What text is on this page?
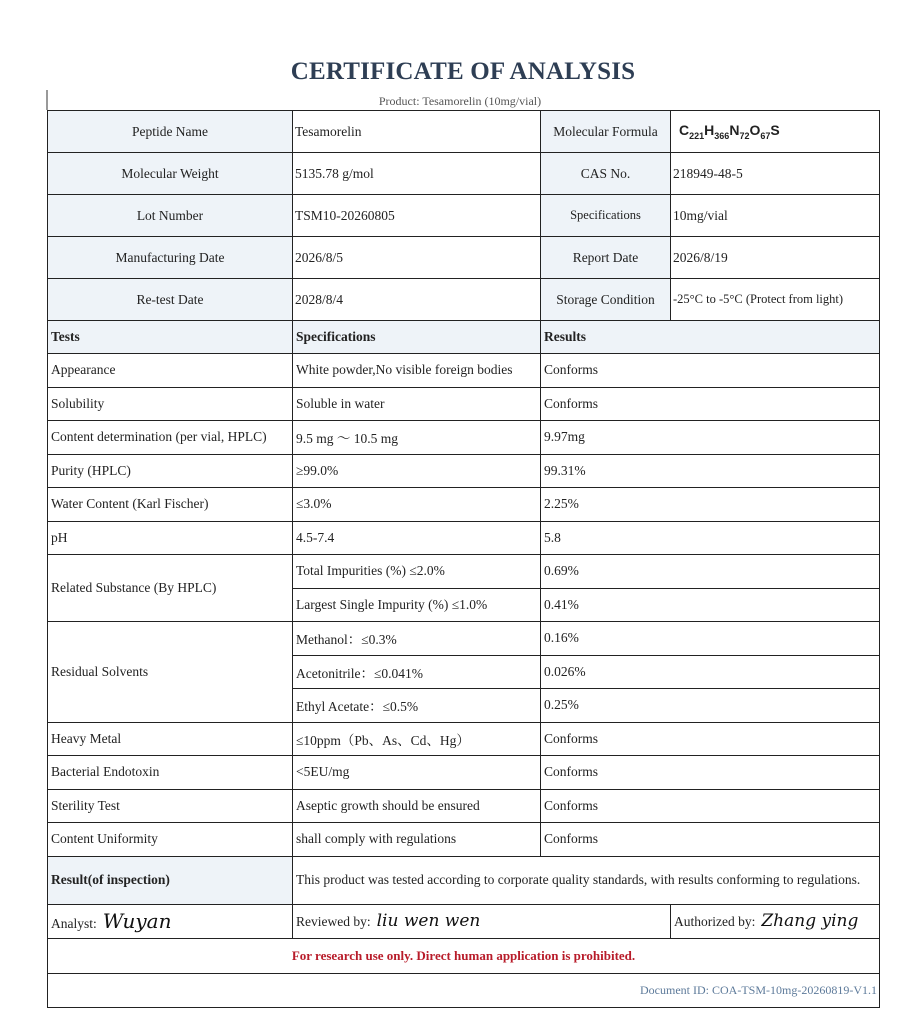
CERTIFICATE OF ANALYSIS
Product: Tesamorelin (10mg/vial)
Peptide Name	Tesamorelin	Molecular Formula	$C_{221}H_{366}N_{72}O_{67}S$
Molecular Weight	5135.78 g/mol	CAS No.	218949-48-5
Lot Number	TSM10-20260805	Specifications	10mg/vial
Manufacturing Date	2026/8/5	Report Date	2026/8/19
Re-test Date	2028/8/4	Storage Condition	-25°C to -5°C (Protect from light)
Tests	Specifications	Results	
Appearance	White powder,No visible foreign bodies	Conforms	
Solubility	Soluble in water	Conforms	
Content determination (per vial, HPLC)	9.5 mg ～ 10.5 mg	9.97mg	
Purity (HPLC)	≥99.0%	99.31%	
Water Content (Karl Fischer)	≤3.0%	2.25%	
pH	4.5-7.4	5.8	
Related Substance (By HPLC)	Total Impurities (%) ≤2.0%	0.69%	
	Largest Single Impurity (%) ≤1.0%	0.41%	
Residual Solvents	Methanol：≤0.3%	0.16%	
	Acetonitrile：≤0.041%	0.026%	
	Ethyl Acetate：≤0.5%	0.25%	
Heavy Metal	≤10ppm（Pb、As、Cd、Hg）	Conforms	
Bacterial Endotoxin	<5EU/mg	Conforms	
Sterility Test	Aseptic growth should be ensured	Conforms	
Content Uniformity	shall comply with regulations	Conforms	
Result(of inspection)	This product was tested according to corporate quality standards, with results conforming to regulations.		
Analyst: Wuyan	Reviewed by: liu wen wen		Authorized by: Zhang ying
For research use only. Direct human application is prohibited.			
Document ID: COA-TSM-10mg-20260819-V1.1			
